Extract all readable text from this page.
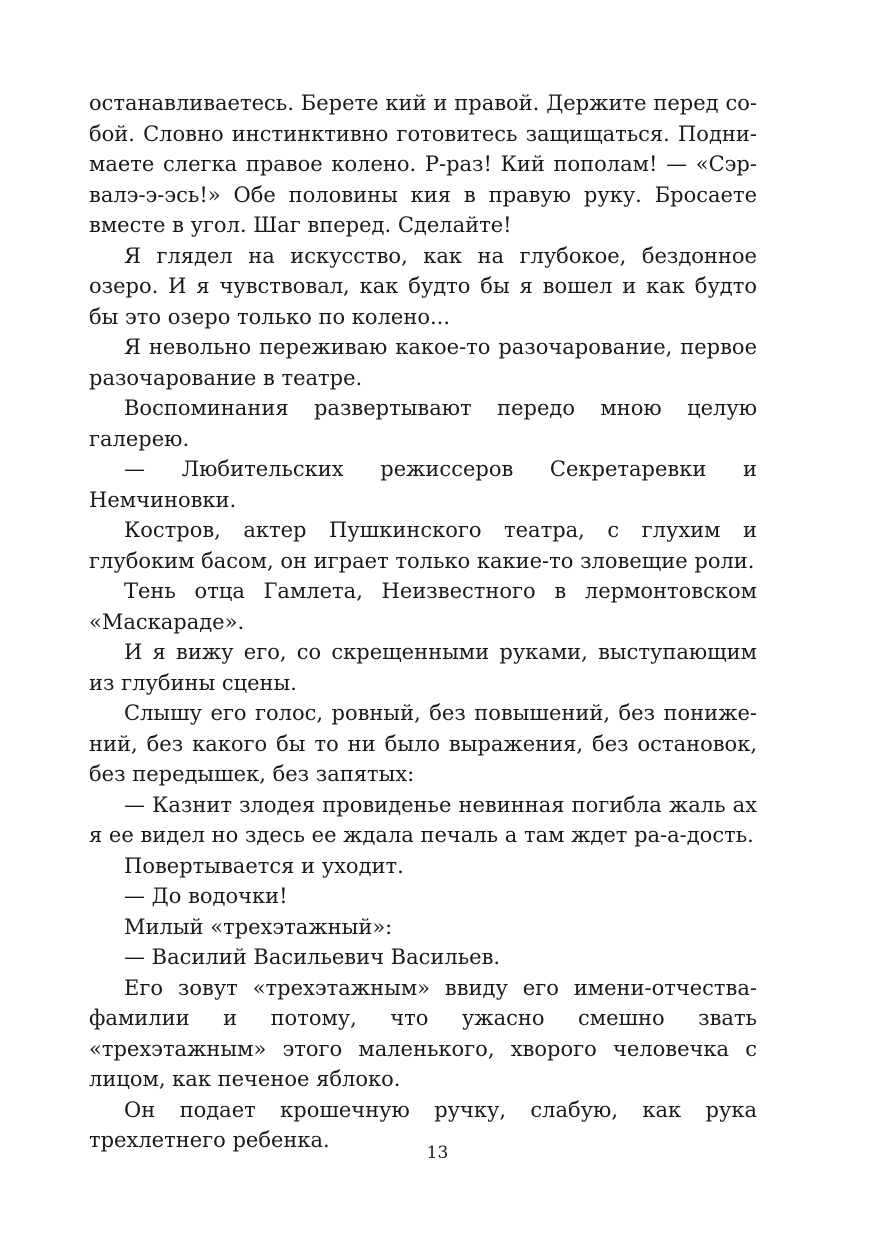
останавливаетесь. Берете кий и правой. Держите перед собой. Словно инстинктивно готовитесь защищаться. Поднимаете слегка правое колено. Р-раз! Кий пополам! — «Сэрвалэ-э-эсь!» Обе половины кия в правую руку. Бросаете вместе в угол. Шаг вперед. Сделайте!

Я глядел на искусство, как на глубокое, бездонное озеро. И я чувствовал, как будто бы я вошел и как будто бы это озеро только по колено...

Я невольно переживаю какое-то разочарование, первое разочарование в театре.

Воспоминания развертывают передо мною целую галерею.

— Любительских режиссеров Секретаревки и Немчиновки.

Костров, актер Пушкинского театра, с глухим и глубоким басом, он играет только какие-то зловещие роли.

Тень отца Гамлета, Неизвестного в лермонтовском «Маскараде».

И я вижу его, со скрещенными руками, выступающим из глубины сцены.

Слышу его голос, ровный, без повышений, без понижений, без какого бы то ни было выражения, без остановок, без передышек, без запятых:

— Казнит злодея провиденье невинная погибла жаль ах я ее видел но здесь ее ждала печаль а там ждет ра-а-дость.

Повертывается и уходит.

— До водочки!

Милый «трехэтажный»:

— Василий Васильевич Васильев.

Его зовут «трехэтажным» ввиду его имени-отчества-фамилии и потому, что ужасно смешно звать «трехэтажным» этого маленького, хворого человечка с лицом, как печеное яблоко.

Он подает крошечную ручку, слабую, как рука трехлетнего ребенка.

13
